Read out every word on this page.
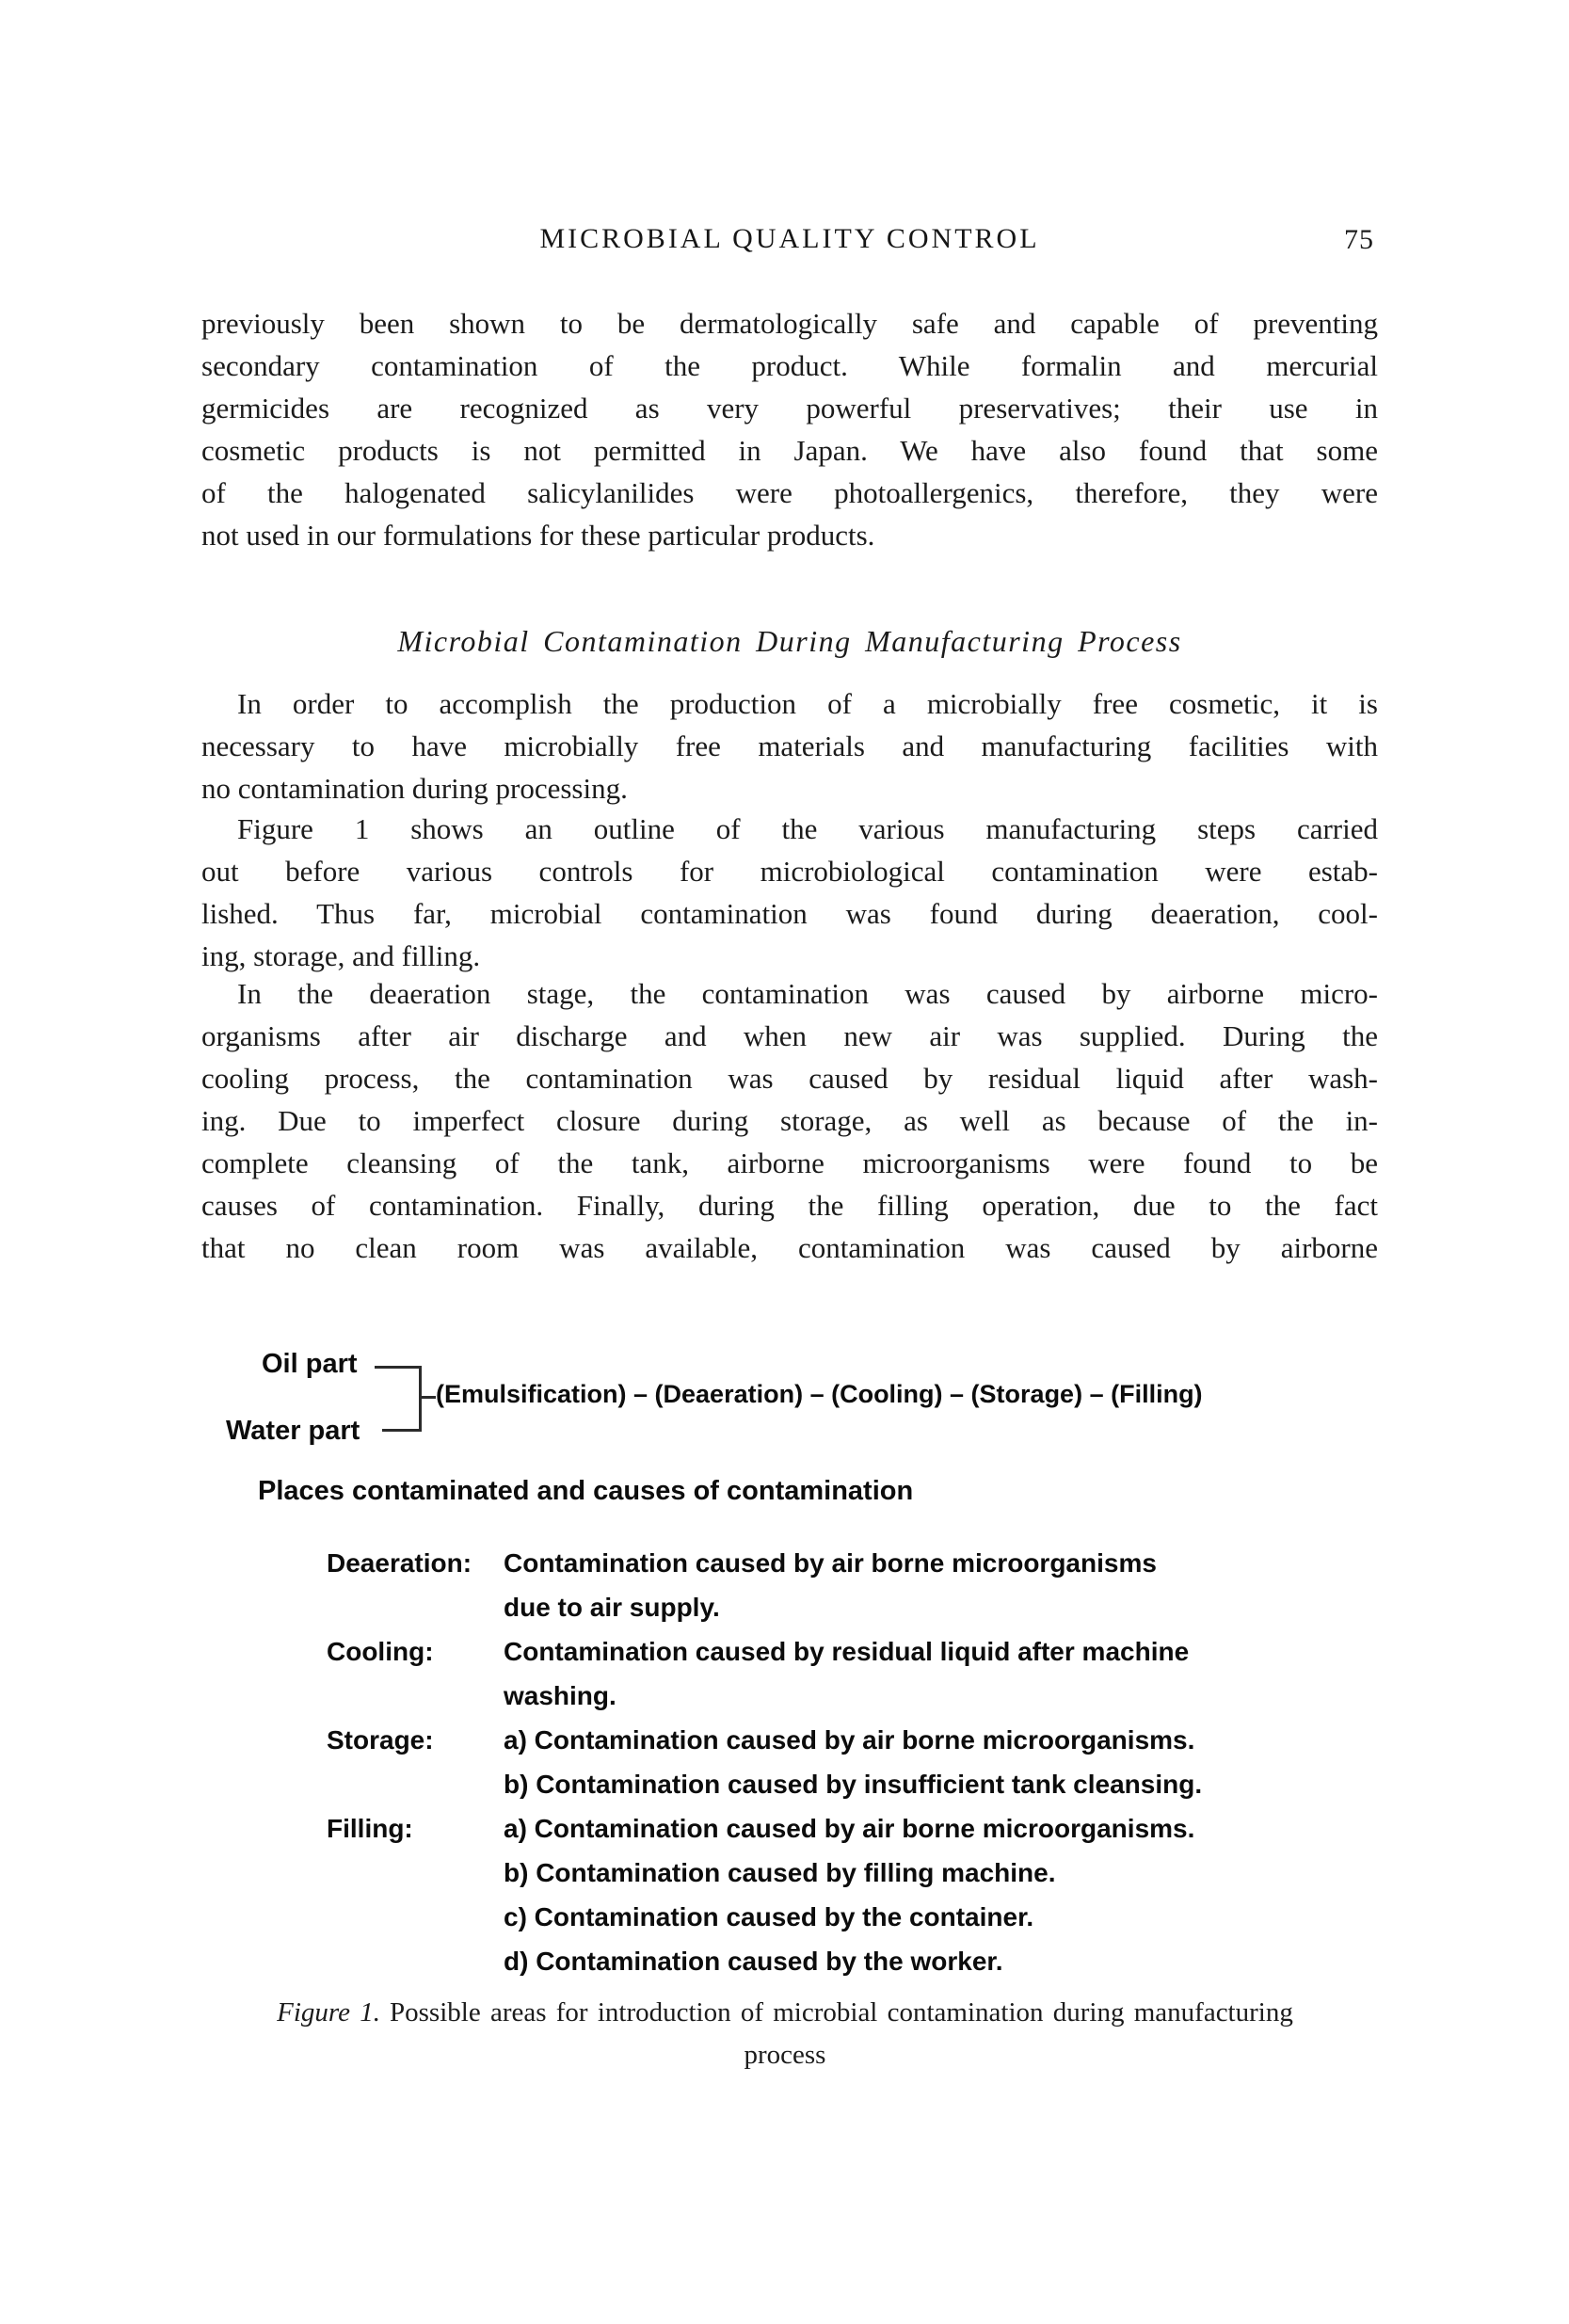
MICROBIAL QUALITY CONTROL	75
previously been shown to be dermatologically safe and capable of preventing
secondary contamination of the product. While formalin and mercurial
germicides are recognized as very powerful preservatives; their use in
cosmetic products is not permitted in Japan. We have also found that some
of the halogenated salicylanilides were photoallergenics, therefore, they were
not used in our formulations for these particular products.
Microbial Contamination During Manufacturing Process
In order to accomplish the production of a microbially free cosmetic, it is
necessary to have microbially free materials and manufacturing facilities with
no contamination during processing.
Figure 1 shows an outline of the various manufacturing steps carried
out before various controls for microbiological contamination were estab-
lished. Thus far, microbial contamination was found during deaeration, cool-
ing, storage, and filling.
In the deaeration stage, the contamination was caused by airborne micro-
organisms after air discharge and when new air was supplied. During the
cooling process, the contamination was caused by residual liquid after wash-
ing. Due to imperfect closure during storage, as well as because of the in-
complete cleansing of the tank, airborne microorganisms were found to be
causes of contamination. Finally, during the filling operation, due to the fact
that no clean room was available, contamination was caused by airborne
Oil part
Water part
(Emulsification) – (Deaeration) – (Cooling) – (Storage) – (Filling)
Places contaminated and causes of contamination
Deaeration:	Contamination caused by air borne microorganisms
due to air supply.
Cooling:	Contamination caused by residual liquid after machine
washing.
Storage:	a) Contamination caused by air borne microorganisms.
b) Contamination caused by insufficient tank cleansing.
Filling:	a) Contamination caused by air borne microorganisms.
b) Contamination caused by filling machine.
c) Contamination caused by the container.
d) Contamination caused by the worker.
Figure 1. Possible areas for introduction of microbial contamination during manufacturing
process
